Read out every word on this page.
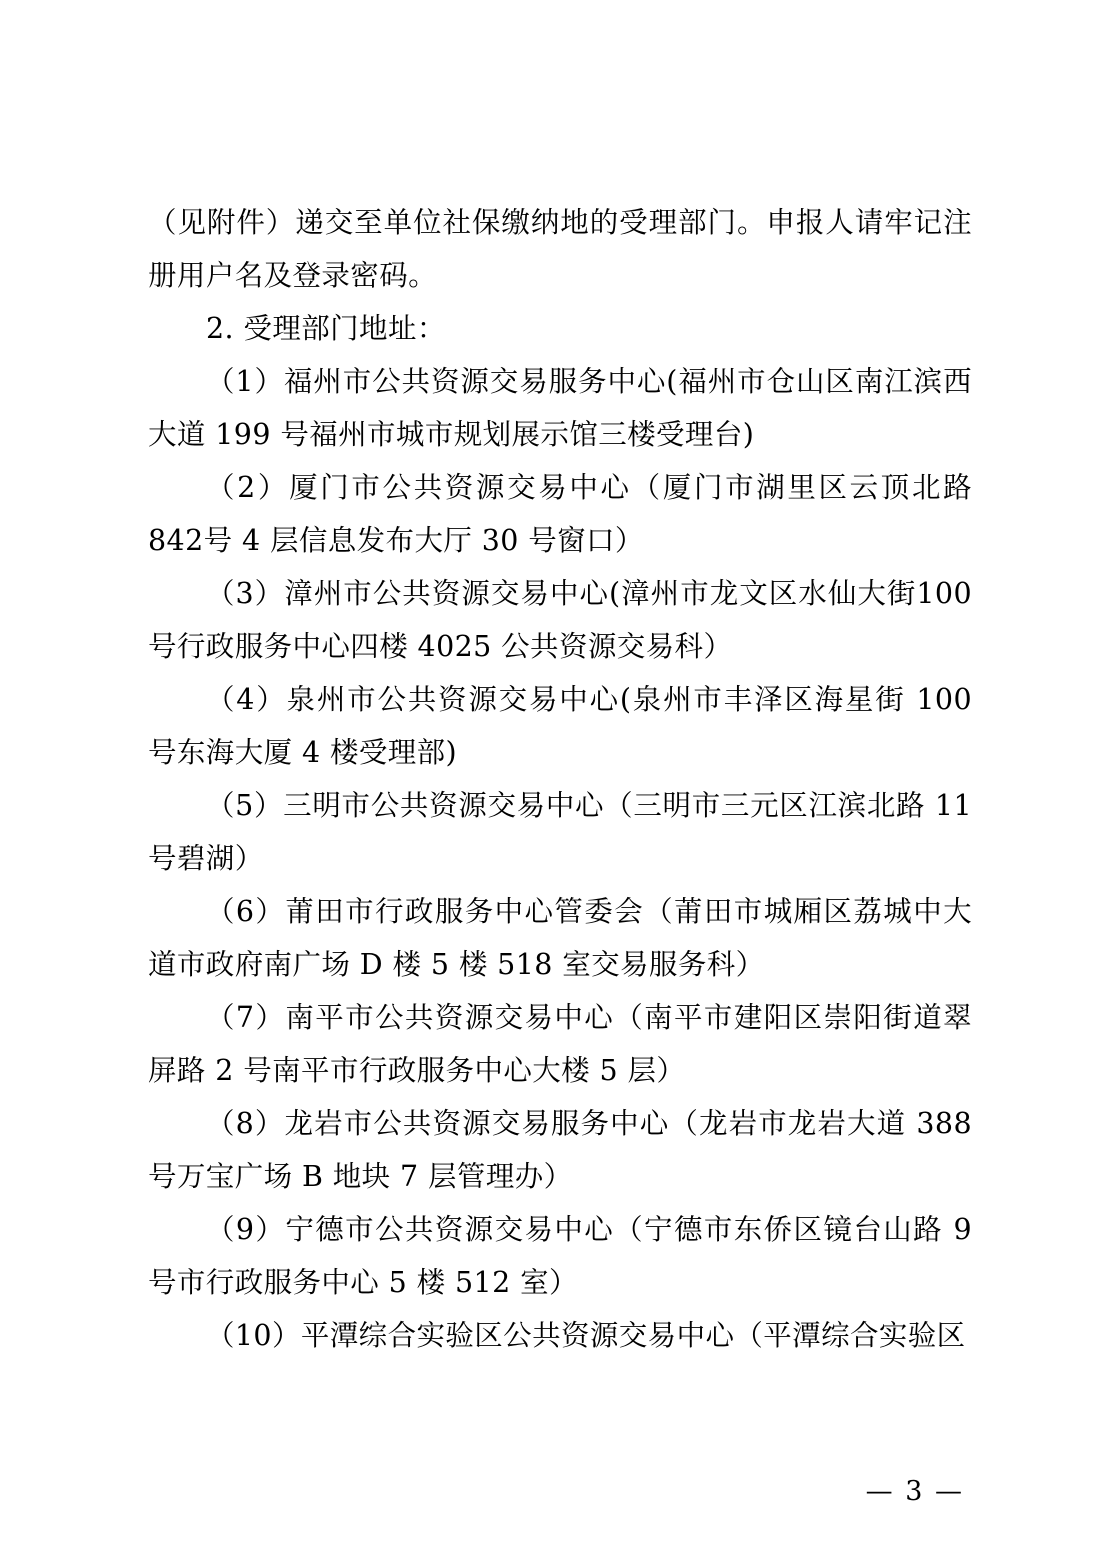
（见附件）递交至单位社保缴纳地的受理部门。申报人请牢记注册用户名及登录密码。

2. 受理部门地址：

（1）福州市公共资源交易服务中心(福州市仓山区南江滨西大道 199 号福州市城市规划展示馆三楼受理台)

（2）厦门市公共资源交易中心（厦门市湖里区云顶北路842号 4 层信息发布大厅 30 号窗口）

（3）漳州市公共资源交易中心(漳州市龙文区水仙大街100号行政服务中心四楼 4025 公共资源交易科）

（4）泉州市公共资源交易中心(泉州市丰泽区海星街 100 号东海大厦 4 楼受理部)

（5）三明市公共资源交易中心（三明市三元区江滨北路 11 号碧湖）

（6）莆田市行政服务中心管委会（莆田市城厢区荔城中大道市政府南广场 D 楼 5 楼 518 室交易服务科）

（7）南平市公共资源交易中心（南平市建阳区崇阳街道翠屏路 2 号南平市行政服务中心大楼 5 层）

（8）龙岩市公共资源交易服务中心（龙岩市龙岩大道 388 号万宝广场 B 地块 7 层管理办）

（9）宁德市公共资源交易中心（宁德市东侨区镜台山路 9 号市行政服务中心 5 楼 512 室）

（10）平潭综合实验区公共资源交易中心（平潭综合实验区

— 3 —
